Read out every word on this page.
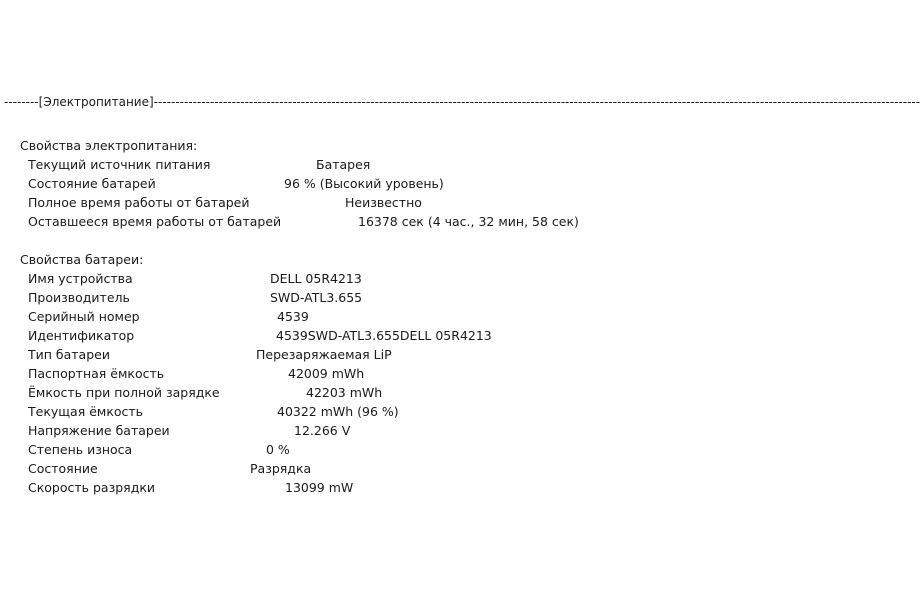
--------[Электропитание]---------------------------------------------------------------------------------------------------------------------------------------------------------------------------------
Свойства электропитания:
Текущий источник питания	Батарея
Состояние батарей	96 % (Высокий уровень)
Полное время работы от батарей	Неизвестно
Оставшееся время работы от батарей	16378 сек (4 час., 32 мин, 58 сек)
Свойства батареи:
Имя устройства	DELL 05R4213
Производитель	SWD-ATL3.655
Серийный номер	4539
Идентификатор	4539SWD-ATL3.655DELL 05R4213
Тип батареи	Перезаряжаемая LiP
Паспортная ёмкость	42009 mWh
Ёмкость при полной зарядке	42203 mWh
Текущая ёмкость	40322 mWh (96 %)
Напряжение батареи	12.266 V
Степень износа	0 %
Состояние	Разрядка
Скорость разрядки	13099 mW
